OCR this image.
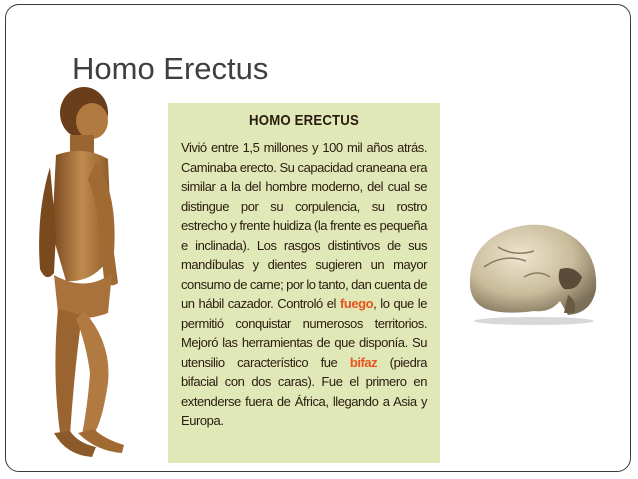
Homo Erectus
HOMO ERECTUS
Vivió entre 1,5 millones y 100 mil años atrás. Caminaba erecto. Su capacidad craneana era similar a la del hombre moderno, del cual se distingue por su corpulencia, su rostro estrecho y frente huidiza (la frente es pequeña e inclinada). Los rasgos distintivos de sus mandíbulas y dientes sugieren un mayor consumo de carne; por lo tanto, dan cuenta de un hábil cazador. Controló el fuego, lo que le permitió conquistar numerosos territorios. Mejoró las herramientas de que disponía. Su utensilio característico fue bifaz (piedra bifacial con dos caras). Fue el primero en extenderse fuera de África, llegando a Asia y Europa.
